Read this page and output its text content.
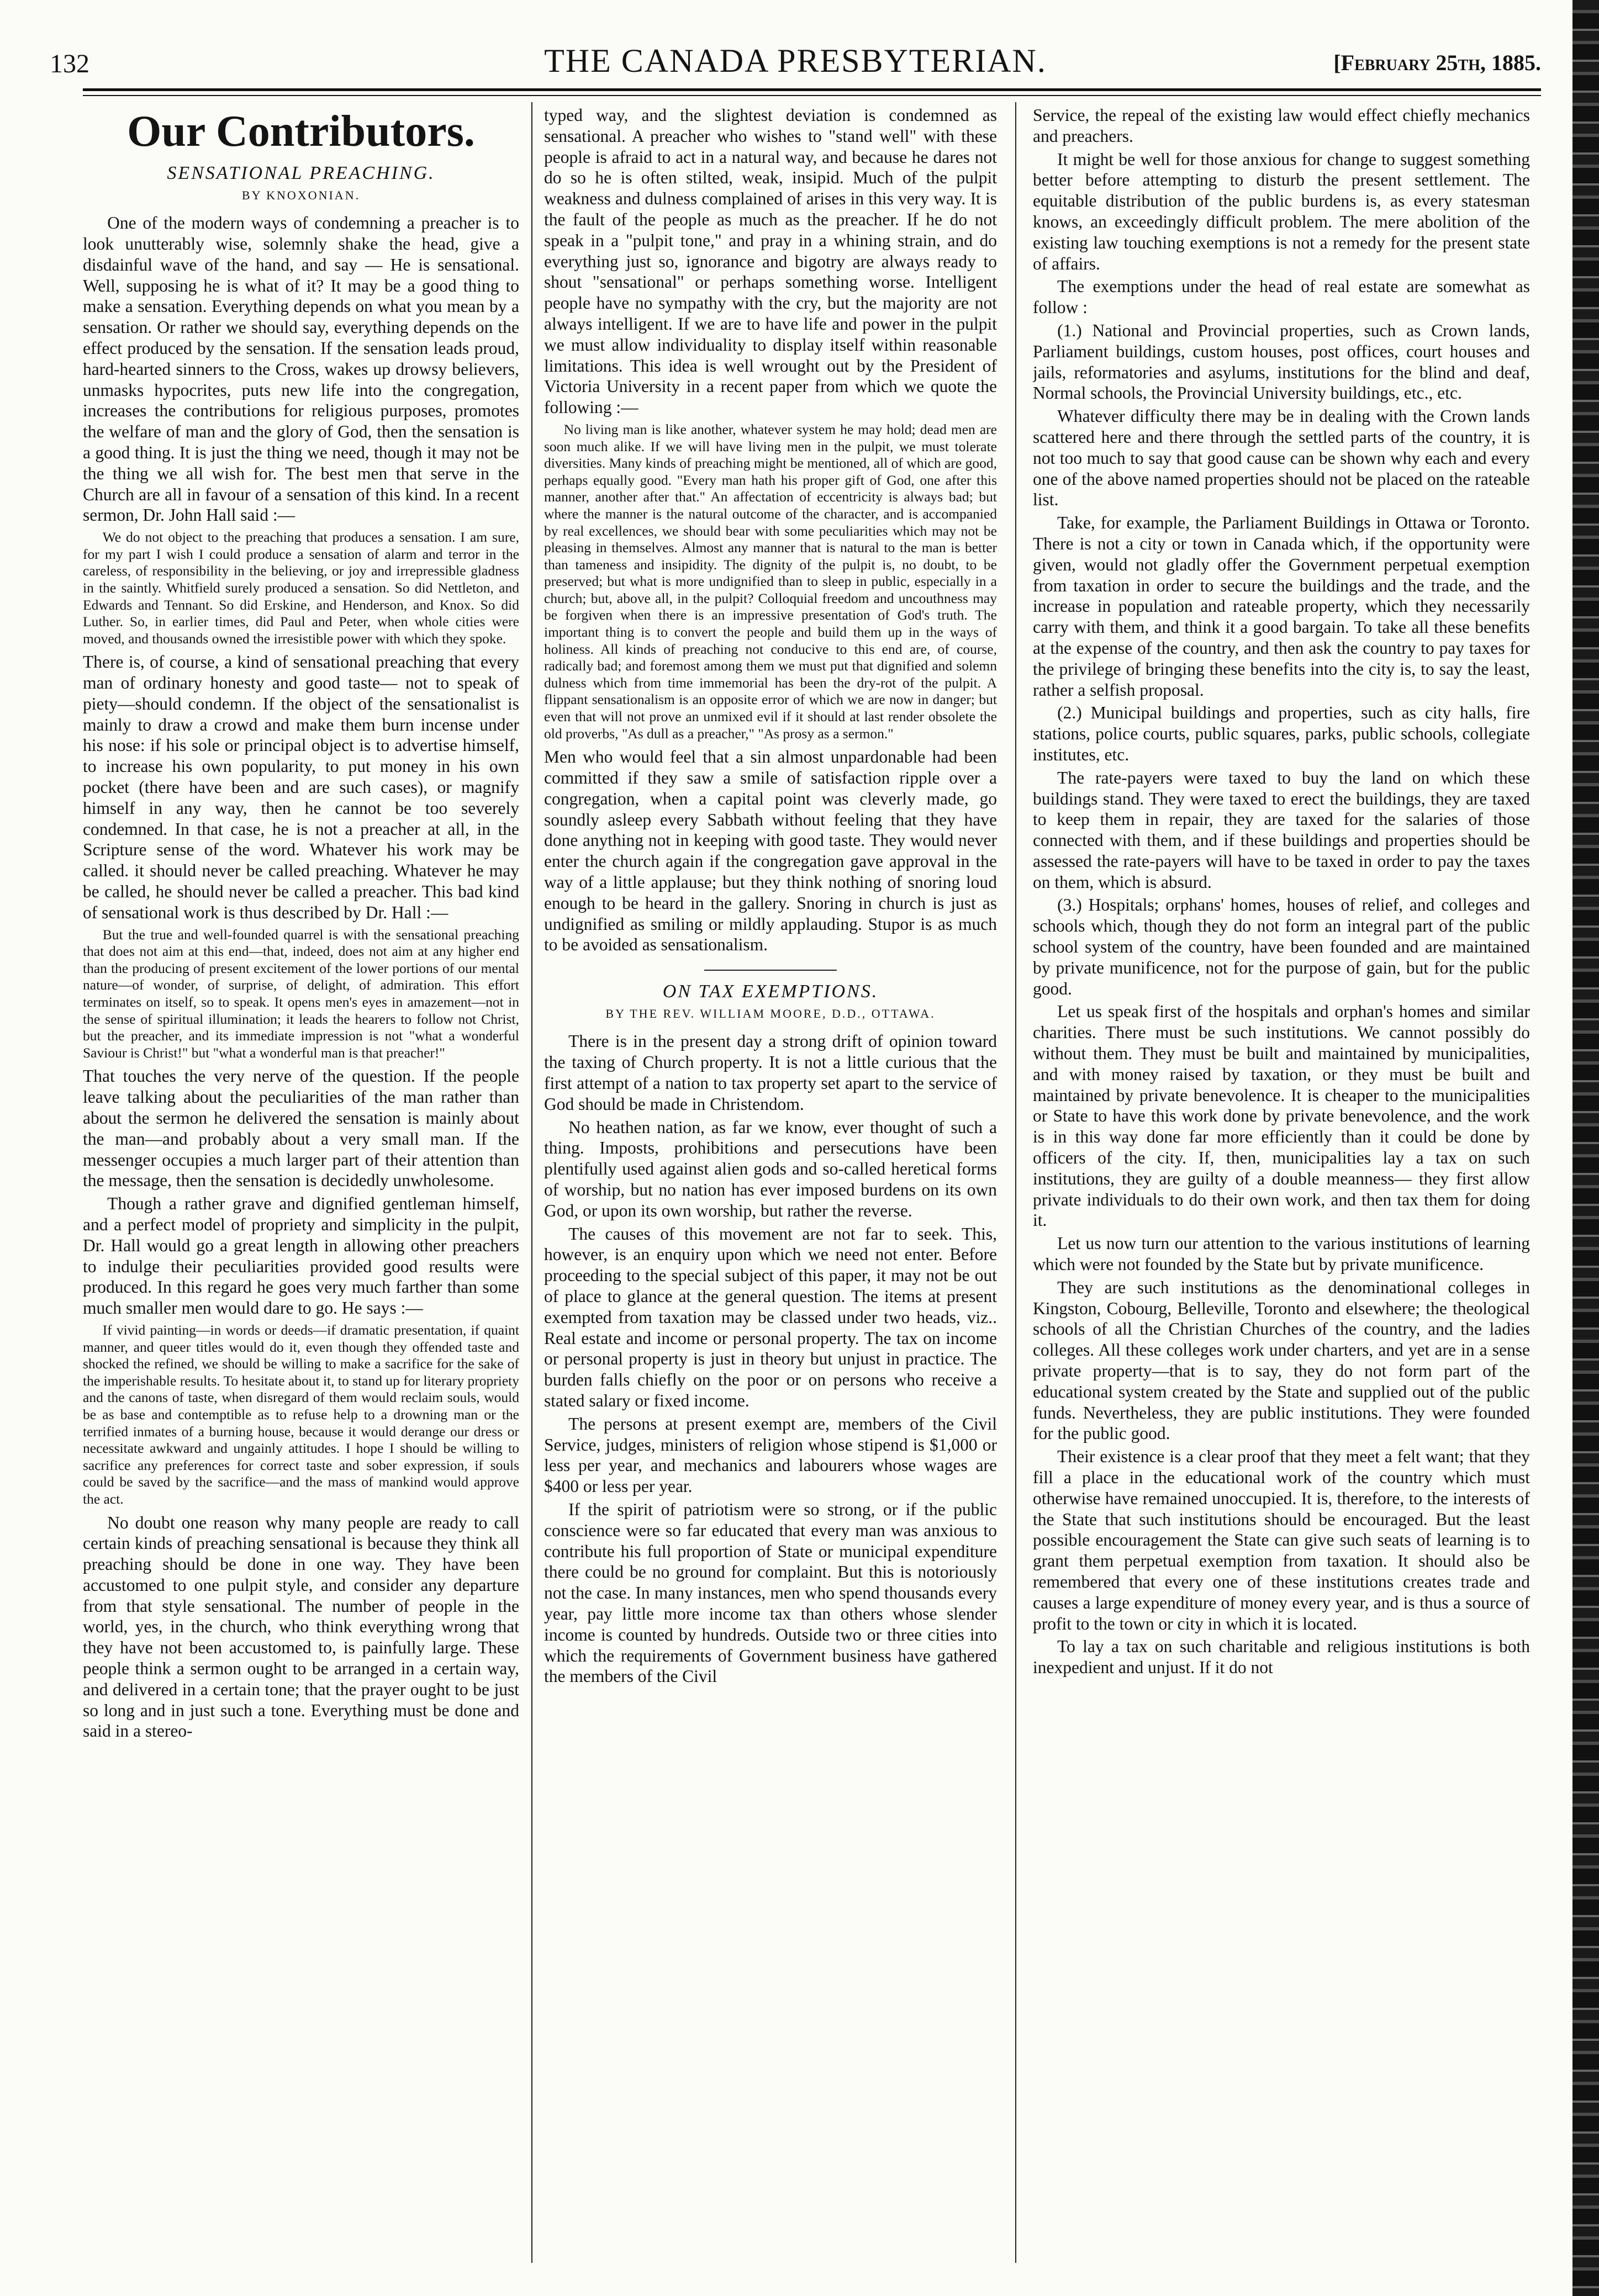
132	THE CANADA PRESBYTERIAN.	[February 25th, 1885.
Our Contributors.
SENSATIONAL PREACHING.
BY KNOXONIAN.

One of the modern ways of condemning a preacher is to look unutterably wise, solemnly shake the head, give a disdainful wave of the hand, and say — He is sensational. Well, supposing he is what of it? It may be a good thing to make a sensation. Everything depends on what you mean by a sensation. Or rather we should say, everything depends on the effect produced by the sensation. If the sensation leads proud, hard-hearted sinners to the Cross, wakes up drowsy believers, unmasks hypocrites, puts new life into the congregation, increases the contributions for religious purposes, promotes the welfare of man and the glory of God, then the sensation is a good thing. It is just the thing we need, though it may not be the thing we all wish for. The best men that serve in the Church are all in favour of a sensation of this kind. In a recent sermon, Dr. John Hall said :—

We do not object to the preaching that produces a sensation. I am sure, for my part I wish I could produce a sensation of alarm and terror in the careless, of responsibility in the believing, or joy and irrepressible gladness in the saintly. Whitfield surely produced a sensation. So did Nettleton, and Edwards and Tennant. So did Erskine, and Henderson, and Knox. So did Luther. So, in earlier times, did Paul and Peter, when whole cities were moved, and thousands owned the irresistible power with which they spoke.

There is, of course, a kind of sensational preaching that every man of ordinary honesty and good taste— not to speak of piety—should condemn. If the object of the sensationalist is mainly to draw a crowd and make them burn incense under his nose: if his sole or principal object is to advertise himself, to increase his own popularity, to put money in his own pocket (there have been and are such cases), or magnify himself in any way, then he cannot be too severely condemned. In that case, he is not a preacher at all, in the Scripture sense of the word. Whatever his work may be called. it should never be called preaching. Whatever he may be called, he should never be called a preacher. This bad kind of sensational work is thus described by Dr. Hall :—

But the true and well-founded quarrel is with the sensational preaching that does not aim at this end—that, indeed, does not aim at any higher end than the producing of present excitement of the lower portions of our mental nature—of wonder, of surprise, of delight, of admiration. This effort terminates on itself, so to speak. It opens men's eyes in amazement—not in the sense of spiritual illumination; it leads the hearers to follow not Christ, but the preacher, and its immediate impression is not "what a wonderful Saviour is Christ!" but "what a wonderful man is that preacher!"

That touches the very nerve of the question. If the people leave talking about the peculiarities of the man rather than about the sermon he delivered the sensation is mainly about the man—and probably about a very small man. If the messenger occupies a much larger part of their attention than the message, then the sensation is decidedly unwholesome.

Though a rather grave and dignified gentleman himself, and a perfect model of propriety and simplicity in the pulpit, Dr. Hall would go a great length in allowing other preachers to indulge their peculiarities provided good results were produced. In this regard he goes very much farther than some much smaller men would dare to go. He says :—

If vivid painting—in words or deeds—if dramatic presentation, if quaint manner, and queer titles would do it, even though they offended taste and shocked the refined, we should be willing to make a sacrifice for the sake of the imperishable results. To hesitate about it, to stand up for literary propriety and the canons of taste, when disregard of them would reclaim souls, would be as base and contemptible as to refuse help to a drowning man or the terrified inmates of a burning house, because it would derange our dress or necessitate awkward and ungainly attitudes. I hope I should be willing to sacrifice any preferences for correct taste and sober expression, if souls could be saved by the sacrifice—and the mass of mankind would approve the act.

No doubt one reason why many people are ready to call certain kinds of preaching sensational is because they think all preaching should be done in one way. They have been accustomed to one pulpit style, and consider any departure from that style sensational. The number of people in the world, yes, in the church, who think everything wrong that they have not been accustomed to, is painfully large. These people think a sermon ought to be arranged in a certain way, and delivered in a certain tone; that the prayer ought to be just so long and in just such a tone. Everything must be done and said in a stereo-

typed way, and the slightest deviation is condemned as sensational. A preacher who wishes to "stand well" with these people is afraid to act in a natural way, and because he dares not do so he is often stilted, weak, insipid. Much of the pulpit weakness and dulness complained of arises in this very way. It is the fault of the people as much as the preacher. If he do not speak in a "pulpit tone," and pray in a whining strain, and do everything just so, ignorance and bigotry are always ready to shout "sensational" or perhaps something worse. Intelligent people have no sympathy with the cry, but the majority are not always intelligent. If we are to have life and power in the pulpit we must allow individuality to display itself within reasonable limitations. This idea is well wrought out by the President of Victoria University in a recent paper from which we quote the following :—

No living man is like another, whatever system he may hold; dead men are soon much alike. If we will have living men in the pulpit, we must tolerate diversities. Many kinds of preaching might be mentioned, all of which are good, perhaps equally good. "Every man hath his proper gift of God, one after this manner, another after that." An affectation of eccentricity is always bad; but where the manner is the natural outcome of the character, and is accompanied by real excellences, we should bear with some peculiarities which may not be pleasing in themselves. Almost any manner that is natural to the man is better than tameness and insipidity. The dignity of the pulpit is, no doubt, to be preserved; but what is more undignified than to sleep in public, especially in a church; but, above all, in the pulpit? Colloquial freedom and uncouthness may be forgiven when there is an impressive presentation of God's truth. The important thing is to convert the people and build them up in the ways of holiness. All kinds of preaching not conducive to this end are, of course, radically bad; and foremost among them we must put that dignified and solemn dulness which from time immemorial has been the dry-rot of the pulpit. A flippant sensationalism is an opposite error of which we are now in danger; but even that will not prove an unmixed evil if it should at last render obsolete the old proverbs, "As dull as a preacher," "As prosy as a sermon."

Men who would feel that a sin almost unpardonable had been committed if they saw a smile of satisfaction ripple over a congregation, when a capital point was cleverly made, go soundly asleep every Sabbath without feeling that they have done anything not in keeping with good taste. They would never enter the church again if the congregation gave approval in the way of a little applause; but they think nothing of snoring loud enough to be heard in the gallery. Snoring in church is just as undignified as smiling or mildly applauding. Stupor is as much to be avoided as sensationalism.

ON TAX EXEMPTIONS.
BY THE REV. WILLIAM MOORE, D.D., OTTAWA.

There is in the present day a strong drift of opinion toward the taxing of Church property. It is not a little curious that the first attempt of a nation to tax property set apart to the service of God should be made in Christendom.

No heathen nation, as far we know, ever thought of such a thing. Imposts, prohibitions and persecutions have been plentifully used against alien gods and so-called heretical forms of worship, but no nation has ever imposed burdens on its own God, or upon its own worship, but rather the reverse.

The causes of this movement are not far to seek. This, however, is an enquiry upon which we need not enter. Before proceeding to the special subject of this paper, it may not be out of place to glance at the general question. The items at present exempted from taxation may be classed under two heads, viz.. Real estate and income or personal property. The tax on income or personal property is just in theory but unjust in practice. The burden falls chiefly on the poor or on persons who receive a stated salary or fixed income.

The persons at present exempt are, members of the Civil Service, judges, ministers of religion whose stipend is $1,000 or less per year, and mechanics and labourers whose wages are $400 or less per year.

If the spirit of patriotism were so strong, or if the public conscience were so far educated that every man was anxious to contribute his full proportion of State or municipal expenditure there could be no ground for complaint. But this is notoriously not the case. In many instances, men who spend thousands every year, pay little more income tax than others whose slender income is counted by hundreds. Outside two or three cities into which the requirements of Government business have gathered the members of the Civil

Service, the repeal of the existing law would effect chiefly mechanics and preachers.

It might be well for those anxious for change to suggest something better before attempting to disturb the present settlement. The equitable distribution of the public burdens is, as every statesman knows, an exceedingly difficult problem. The mere abolition of the existing law touching exemptions is not a remedy for the present state of affairs.

The exemptions under the head of real estate are somewhat as follow :

(1.) National and Provincial properties, such as Crown lands, Parliament buildings, custom houses, post offices, court houses and jails, reformatories and asylums, institutions for the blind and deaf, Normal schools, the Provincial University buildings, etc., etc.

Whatever difficulty there may be in dealing with the Crown lands scattered here and there through the settled parts of the country, it is not too much to say that good cause can be shown why each and every one of the above named properties should not be placed on the rateable list.

Take, for example, the Parliament Buildings in Ottawa or Toronto. There is not a city or town in Canada which, if the opportunity were given, would not gladly offer the Government perpetual exemption from taxation in order to secure the buildings and the trade, and the increase in population and rateable property, which they necessarily carry with them, and think it a good bargain. To take all these benefits at the expense of the country, and then ask the country to pay taxes for the privilege of bringing these benefits into the city is, to say the least, rather a selfish proposal.

(2.) Municipal buildings and properties, such as city halls, fire stations, police courts, public squares, parks, public schools, collegiate institutes, etc.

The rate-payers were taxed to buy the land on which these buildings stand. They were taxed to erect the buildings, they are taxed to keep them in repair, they are taxed for the salaries of those connected with them, and if these buildings and properties should be assessed the rate-payers will have to be taxed in order to pay the taxes on them, which is absurd.

(3.) Hospitals; orphans' homes, houses of relief, and colleges and schools which, though they do not form an integral part of the public school system of the country, have been founded and are maintained by private munificence, not for the purpose of gain, but for the public good.

Let us speak first of the hospitals and orphan's homes and similar charities. There must be such institutions. We cannot possibly do without them. They must be built and maintained by municipalities, and with money raised by taxation, or they must be built and maintained by private benevolence. It is cheaper to the municipalities or State to have this work done by private benevolence, and the work is in this way done far more efficiently than it could be done by officers of the city. If, then, municipalities lay a tax on such institutions, they are guilty of a double meanness— they first allow private individuals to do their own work, and then tax them for doing it.

Let us now turn our attention to the various institutions of learning which were not founded by the State but by private munificence.

They are such institutions as the denominational colleges in Kingston, Cobourg, Belleville, Toronto and elsewhere; the theological schools of all the Christian Churches of the country, and the ladies colleges. All these colleges work under charters, and yet are in a sense private property—that is to say, they do not form part of the educational system created by the State and supplied out of the public funds. Nevertheless, they are public institutions. They were founded for the public good.

Their existence is a clear proof that they meet a felt want; that they fill a place in the educational work of the country which must otherwise have remained unoccupied. It is, therefore, to the interests of the State that such institutions should be encouraged. But the least possible encouragement the State can give such seats of learning is to grant them perpetual exemption from taxation. It should also be remembered that every one of these institutions creates trade and causes a large expenditure of money every year, and is thus a source of profit to the town or city in which it is located.

To lay a tax on such charitable and religious institutions is both inexpedient and unjust. If it do not
